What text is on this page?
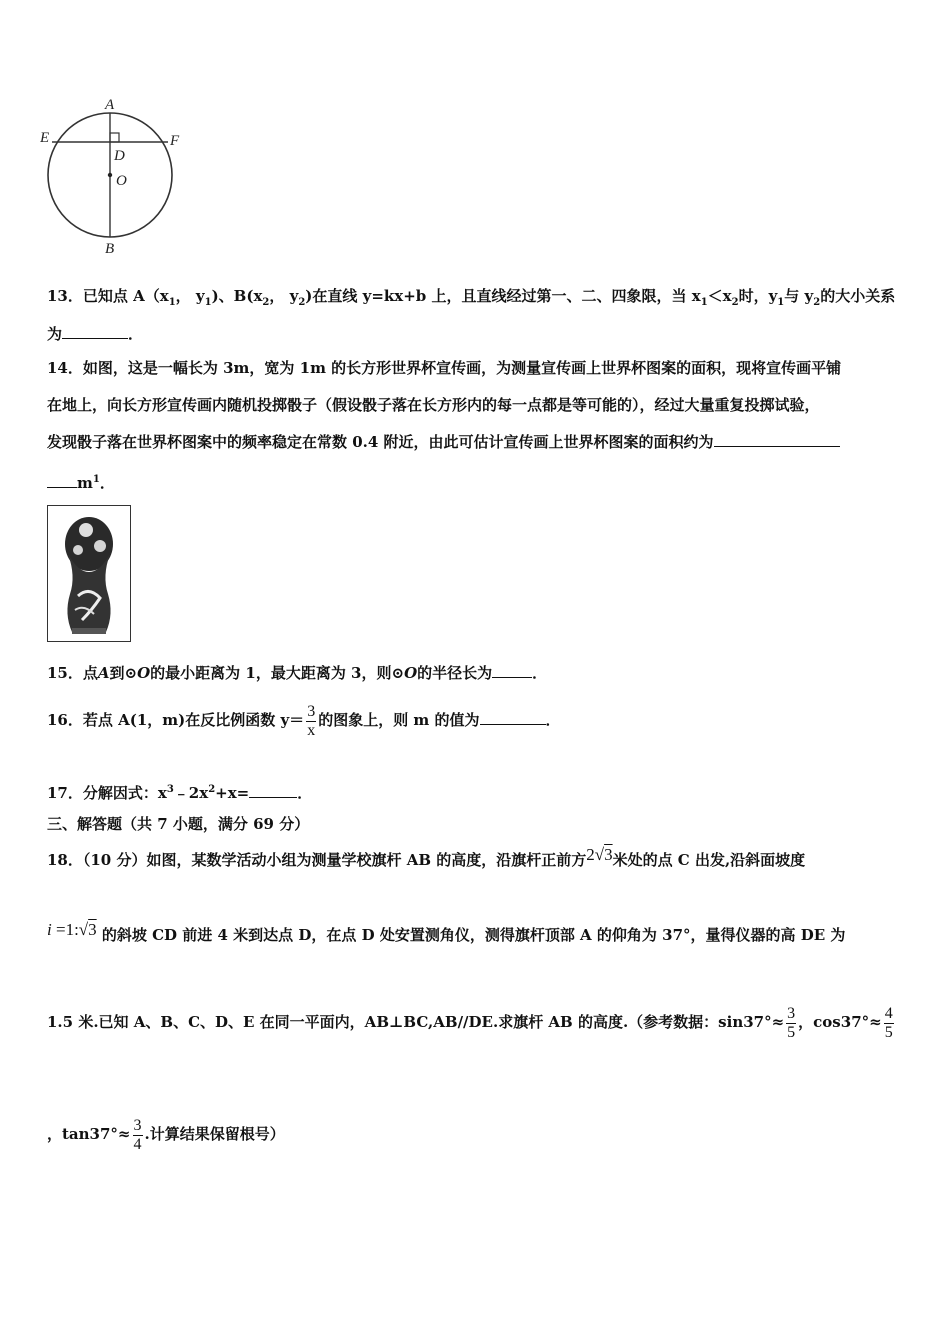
A
B
E	F
D
O
13．已知点 $A(x_1$， $y_1$)、$B(x_2$， $y_2$)在直线 y=kx+b 上，且直线经过第一、二、四象限，当 $x_1<x_2$时，$y_1$与 $y_2$的大小关系
为	．
14．如图，这是一幅长为 3m，宽为 1m 的长方形世界杯宣传画，为测量宣传画上世界杯图案的面积，现将宣传画平铺
在地上，向长方形宣传画内随机投掷骰子（假设骰子落在长方形内的每一点都是等可能的），经过大量重复投掷试验，
发现骰子落在世界杯图案中的频率稳定在常数 0.4 附近，由此可估计宣传画上世界杯图案的面积约为
$m^1$．
15．点A到⊙O的最小距离为 1，最大距离为 3，则⊙O的半径长为	．
16．若点 A(1，m)在反比例函数 $y= \frac{3}{x}$ 的图象上，则 m 的值为	．
17．分解因式：$x^3﹣2x^2+x=$	．
三、解答题（共 7 小题，满分 69 分）
18．（10 分）如图，某数学活动小组为测量学校旗杆 AB 的高度，沿旗杆正前方2√3米处的点 C 出发,沿斜面坡度
i =1:√3 的斜坡 CD 前进 4 米到达点 D，在点 D 处安置测角仪，测得旗杆顶部 A 的仰角为 37°，量得仪器的高 DE 为
1.5 米.已知 A、B、C、D、E 在同一平面内，AB⊥BC,AB//DE.求旗杆 AB 的高度.（参考数据：$\sin 37^\circ\approx \frac{3}{5}$ ，$\cos 37^\circ\approx \frac{4}{5}$
，$\tan 37^\circ\approx \frac{3}{4}$ .计算结果保留根号）
